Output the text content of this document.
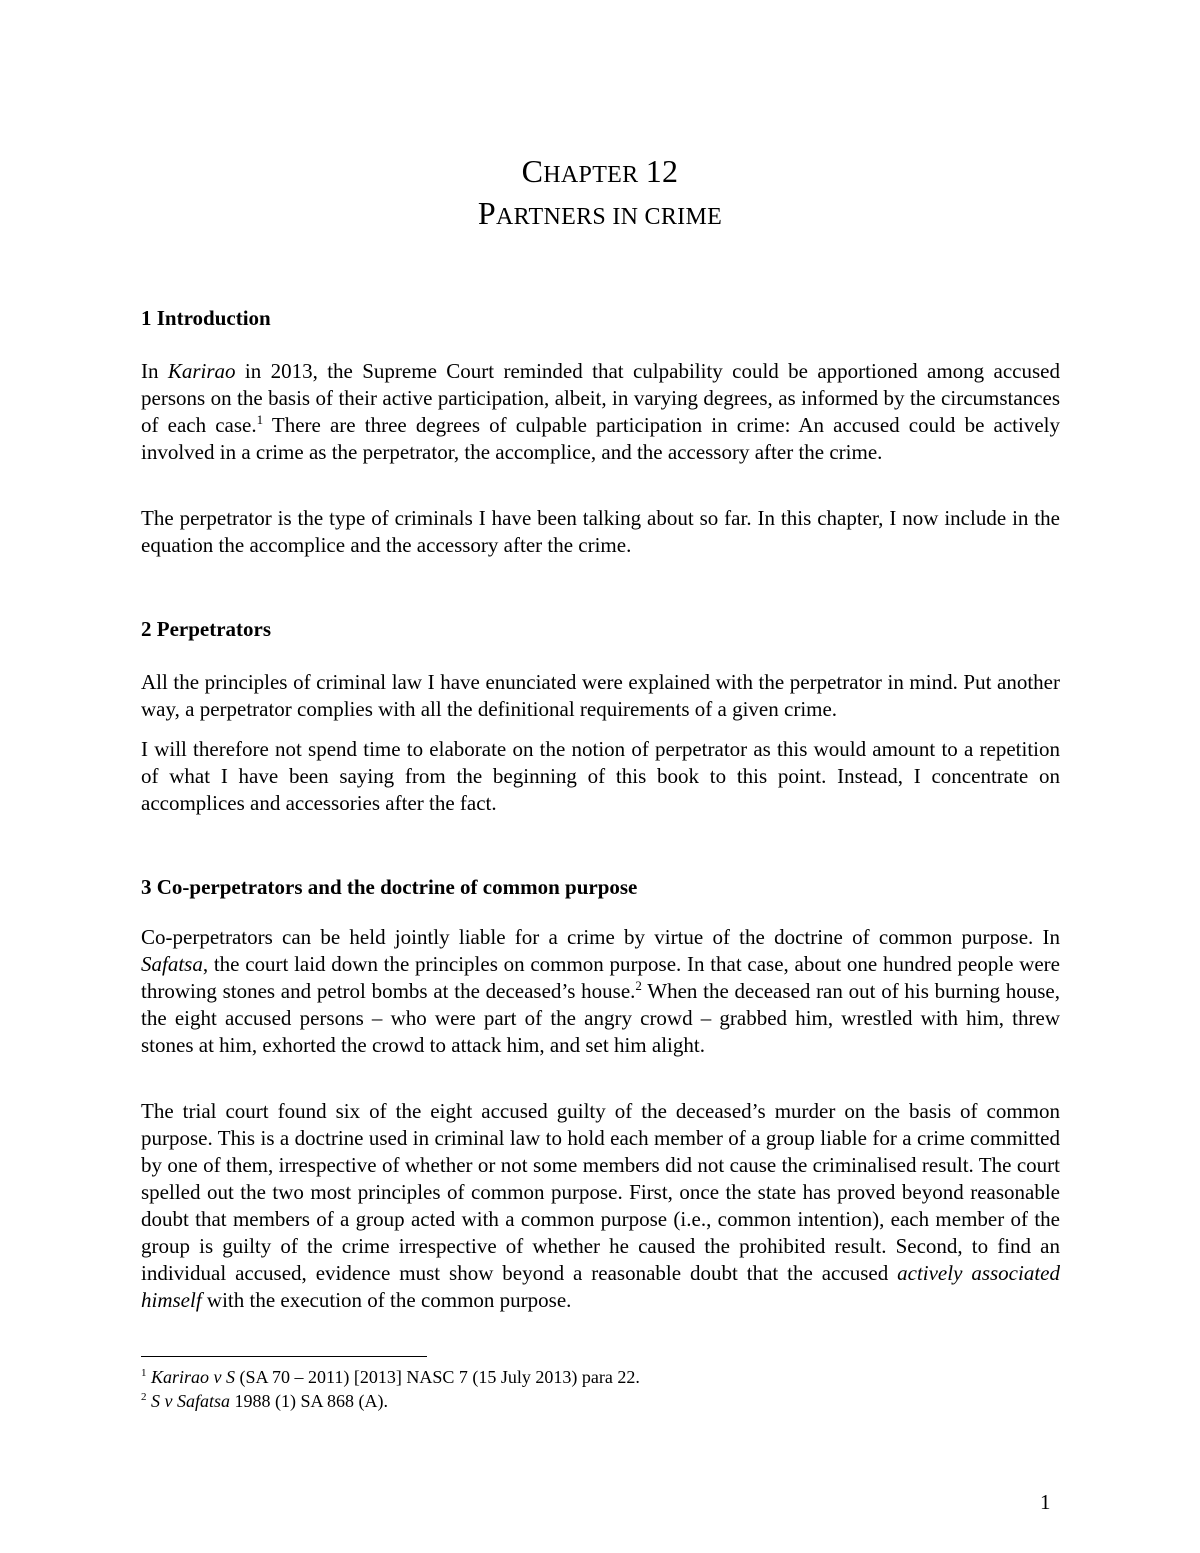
CHAPTER 12
PARTNERS IN CRIME
1 Introduction

In Karirao in 2013, the Supreme Court reminded that culpability could be apportioned among accused persons on the basis of their active participation, albeit, in varying degrees, as informed by the circumstances of each case.$^1$ There are three degrees of culpable participation in crime: An accused could be actively involved in a crime as the perpetrator, the accomplice, and the accessory after the crime.

The perpetrator is the type of criminals I have been talking about so far. In this chapter, I now include in the equation the accomplice and the accessory after the crime.

2 Perpetrators

All the principles of criminal law I have enunciated were explained with the perpetrator in mind. Put another way, a perpetrator complies with all the definitional requirements of a given crime.

I will therefore not spend time to elaborate on the notion of perpetrator as this would amount to a repetition of what I have been saying from the beginning of this book to this point. Instead, I concentrate on accomplices and accessories after the fact.

3 Co-perpetrators and the doctrine of common purpose

Co-perpetrators can be held jointly liable for a crime by virtue of the doctrine of common purpose. In Safatsa, the court laid down the principles on common purpose. In that case, about one hundred people were throwing stones and petrol bombs at the deceased’s house.$^2$ When the deceased ran out of his burning house, the eight accused persons – who were part of the angry crowd – grabbed him, wrestled with him, threw stones at him, exhorted the crowd to attack him, and set him alight.

The trial court found six of the eight accused guilty of the deceased’s murder on the basis of common purpose. This is a doctrine used in criminal law to hold each member of a group liable for a crime committed by one of them, irrespective of whether or not some members did not cause the criminalised result. The court spelled out the two most principles of common purpose. First, once the state has proved beyond reasonable doubt that members of a group acted with a common purpose (i.e., common intention), each member of the group is guilty of the crime irrespective of whether he caused the prohibited result. Second, to find an individual accused, evidence must show beyond a reasonable doubt that the accused actively associated himself with the execution of the common purpose.

$^1$ Karirao v S (SA 70 – 2011) [2013] NASC 7 (15 July 2013) para 22.

$^2$ S v Safatsa 1988 (1) SA 868 (A).

1
